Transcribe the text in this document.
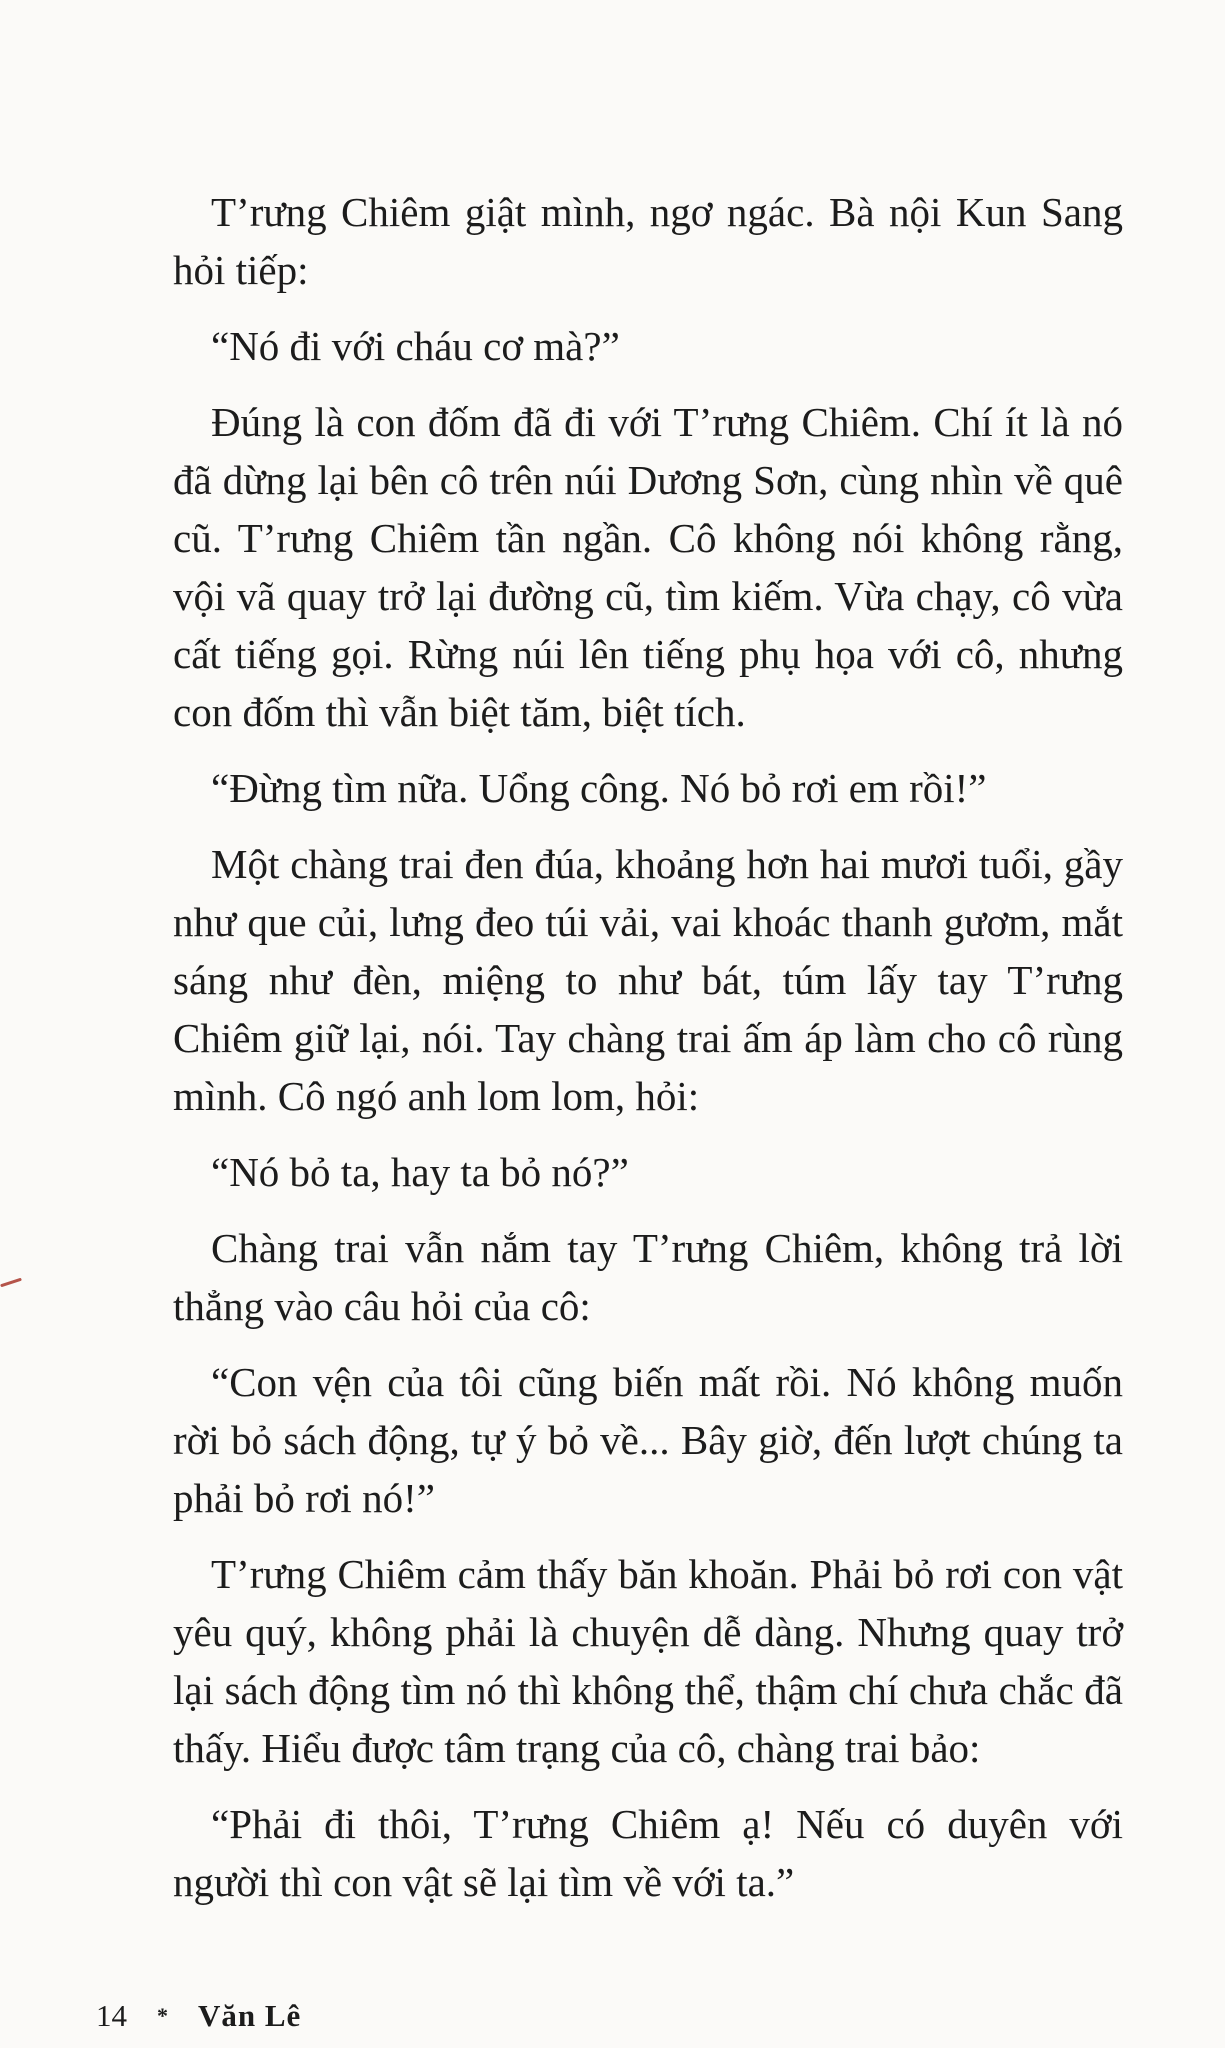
T’rưng Chiêm giật mình, ngơ ngác. Bà nội Kun Sang hỏi tiếp:

“Nó đi với cháu cơ mà?”

Đúng là con đốm đã đi với T’rưng Chiêm. Chí ít là nó đã dừng lại bên cô trên núi Dương Sơn, cùng nhìn về quê cũ. T’rưng Chiêm tần ngần. Cô không nói không rằng, vội vã quay trở lại đường cũ, tìm kiếm. Vừa chạy, cô vừa cất tiếng gọi. Rừng núi lên tiếng phụ họa với cô, nhưng con đốm thì vẫn biệt tăm, biệt tích.

“Đừng tìm nữa. Uổng công. Nó bỏ rơi em rồi!”

Một chàng trai đen đúa, khoảng hơn hai mươi tuổi, gầy như que củi, lưng đeo túi vải, vai khoác thanh gươm, mắt sáng như đèn, miệng to như bát, túm lấy tay T’rưng Chiêm giữ lại, nói. Tay chàng trai ấm áp làm cho cô rùng mình. Cô ngó anh lom lom, hỏi:

“Nó bỏ ta, hay ta bỏ nó?”

Chàng trai vẫn nắm tay T’rưng Chiêm, không trả lời thẳng vào câu hỏi của cô:

“Con vện của tôi cũng biến mất rồi. Nó không muốn rời bỏ sách động, tự ý bỏ về... Bây giờ, đến lượt chúng ta phải bỏ rơi nó!”

T’rưng Chiêm cảm thấy băn khoăn. Phải bỏ rơi con vật yêu quý, không phải là chuyện dễ dàng. Nhưng quay trở lại sách động tìm nó thì không thể, thậm chí chưa chắc đã thấy. Hiểu được tâm trạng của cô, chàng trai bảo:

“Phải đi thôi, T’rưng Chiêm ạ! Nếu có duyên với người thì con vật sẽ lại tìm về với ta.”

14 * Văn Lê
